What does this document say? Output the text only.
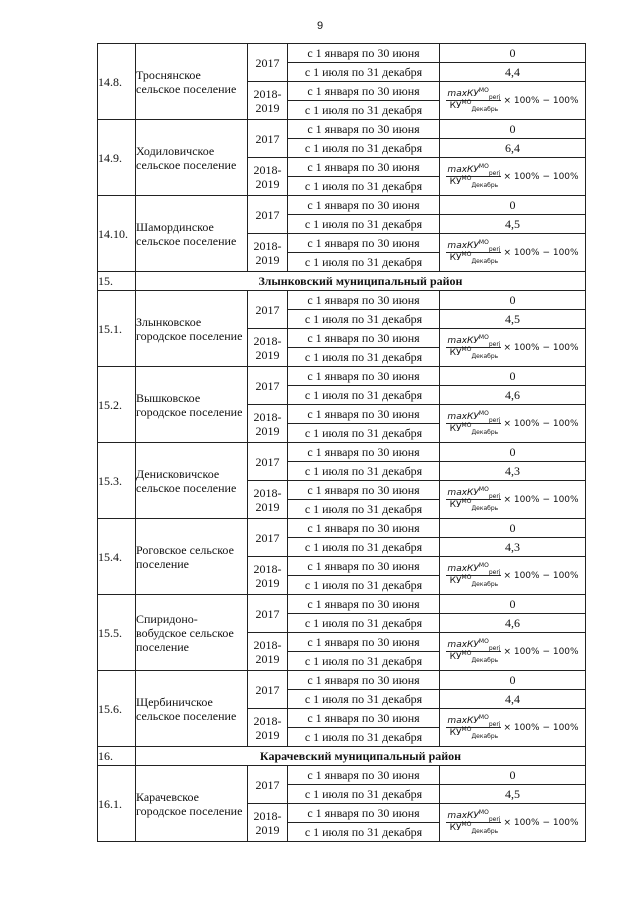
9
14.8.	Троснянское сельское поселение	2017	с 1 января по 30 июня	0
			с 1 июля по 31 декабря	4,4
		2018-2019	с 1 января по 30 июня	$\frac{\max КУ^{МО}_{perj}}{КУ^{МО}_{Декабрь}} \times 100\% - 100\%$

			с 1 июля по 31 декабря	
14.9.	Ходиловичское сельское поселение	2017	с 1 января по 30 июня	0
			с 1 июля по 31 декабря	6,4
		2018-2019	с 1 января по 30 июня	$\frac{\max КУ^{МО}_{perj}}{КУ^{МО}_{Декабрь}} \times 100\% - 100\%$

			с 1 июля по 31 декабря	
14.10.	Шамординское сельское поселение	2017	с 1 января по 30 июня	0
			с 1 июля по 31 декабря	4,5
		2018-2019	с 1 января по 30 июня	$\frac{\max КУ^{МО}_{perj}}{КУ^{МО}_{Декабрь}} \times 100\% - 100\%$

			с 1 июля по 31 декабря	
15.	Злынковский муниципальный район			
15.1.	Злынковское городское поселение	2017	с 1 января по 30 июня	0
			с 1 июля по 31 декабря	4,5
		2018-2019	с 1 января по 30 июня	$\frac{\max КУ^{МО}_{perj}}{КУ^{МО}_{Декабрь}} \times 100\% - 100\%$

			с 1 июля по 31 декабря	
15.2.	Вышковское городское поселение	2017	с 1 января по 30 июня	0
			с 1 июля по 31 декабря	4,6
		2018-2019	с 1 января по 30 июня	$\frac{\max КУ^{МО}_{perj}}{КУ^{МО}_{Декабрь}} \times 100\% - 100\%$

			с 1 июля по 31 декабря	
15.3.	Денисковичское сельское поселение	2017	с 1 января по 30 июня	0
			с 1 июля по 31 декабря	4,3
		2018-2019	с 1 января по 30 июня	$\frac{\max КУ^{МО}_{perj}}{КУ^{МО}_{Декабрь}} \times 100\% - 100\%$

			с 1 июля по 31 декабря	
15.4.	Роговское сельское поселение	2017	с 1 января по 30 июня	0
			с 1 июля по 31 декабря	4,3
		2018-2019	с 1 января по 30 июня	$\frac{\max КУ^{МО}_{perj}}{КУ^{МО}_{Декабрь}} \times 100\% - 100\%$

			с 1 июля по 31 декабря	
15.5.	Спиридоно-вобудское сельское поселение	2017	с 1 января по 30 июня	0
			с 1 июля по 31 декабря	4,6
		2018-2019	с 1 января по 30 июня	$\frac{\max КУ^{МО}_{perj}}{КУ^{МО}_{Декабрь}} \times 100\% - 100\%$

			с 1 июля по 31 декабря	
15.6.	Щербиничское сельское поселение	2017	с 1 января по 30 июня	0
			с 1 июля по 31 декабря	4,4
		2018-2019	с 1 января по 30 июня	$\frac{\max КУ^{МО}_{perj}}{КУ^{МО}_{Декабрь}} \times 100\% - 100\%$

			с 1 июля по 31 декабря	
16.	Карачевский муниципальный район			
16.1.	Карачевское городское поселение	2017	с 1 января по 30 июня	0
			с 1 июля по 31 декабря	4,5
		2018-2019	с 1 января по 30 июня	$\frac{\max КУ^{МО}_{perj}}{КУ^{МО}_{Декабрь}} \times 100\% - 100\%$

			с 1 июля по 31 декабря	
